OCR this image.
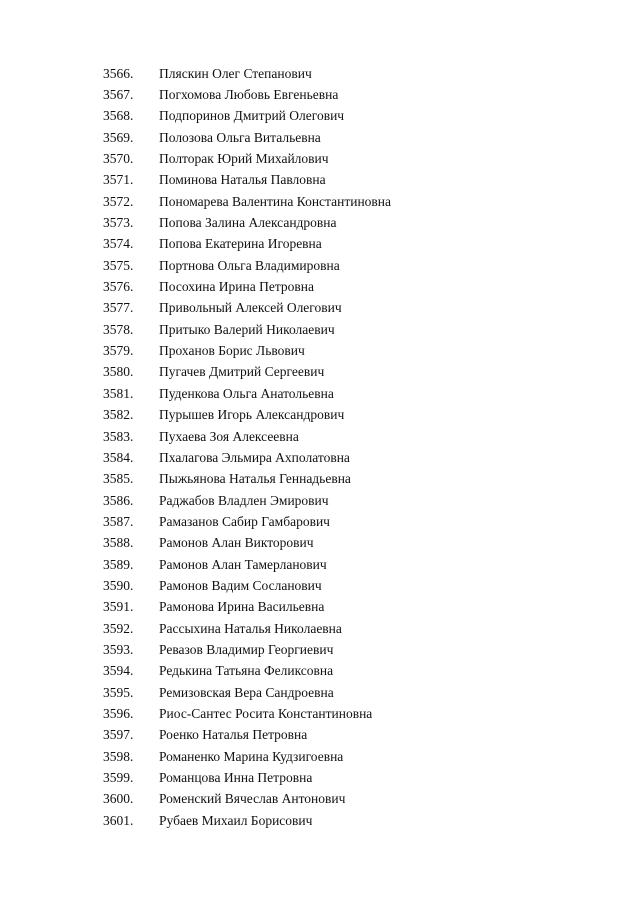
3566.	Пляскин Олег Степанович
3567.	Погхомова Любовь Евгеньевна
3568.	Подпоринов Дмитрий Олегович
3569.	Полозова Ольга Витальевна
3570.	Полторак Юрий Михайлович
3571.	Поминова Наталья Павловна
3572.	Пономарева Валентина Константиновна
3573.	Попова Залина Александровна
3574.	Попова Екатерина Игоревна
3575.	Портнова Ольга Владимировна
3576.	Посохина Ирина Петровна
3577.	Привольный Алексей Олегович
3578.	Притыко Валерий Николаевич
3579.	Проханов Борис Львович
3580.	Пугачев Дмитрий Сергеевич
3581.	Пуденкова Ольга Анатольевна
3582.	Пурышев Игорь Александрович
3583.	Пухаева Зоя Алексеевна
3584.	Пхалагова Эльмира Ахполатовна
3585.	Пыжьянова Наталья Геннадьевна
3586.	Раджабов Владлен Эмирович
3587.	Рамазанов Сабир Гамбарович
3588.	Рамонов Алан Викторович
3589.	Рамонов Алан Тамерланович
3590.	Рамонов Вадим Сосланович
3591.	Рамонова Ирина Васильевна
3592.	Рассыхина Наталья Николаевна
3593.	Ревазов Владимир Георгиевич
3594.	Редькина Татьяна Феликсовна
3595.	Ремизовская Вера Сандроевна
3596.	Риос-Сантес Росита Константиновна
3597.	Роенко Наталья Петровна
3598.	Романенко Марина Кудзигоевна
3599.	Романцова Инна Петровна
3600.	Роменский Вячеслав Антонович
3601.	Рубаев Михаил Борисович
